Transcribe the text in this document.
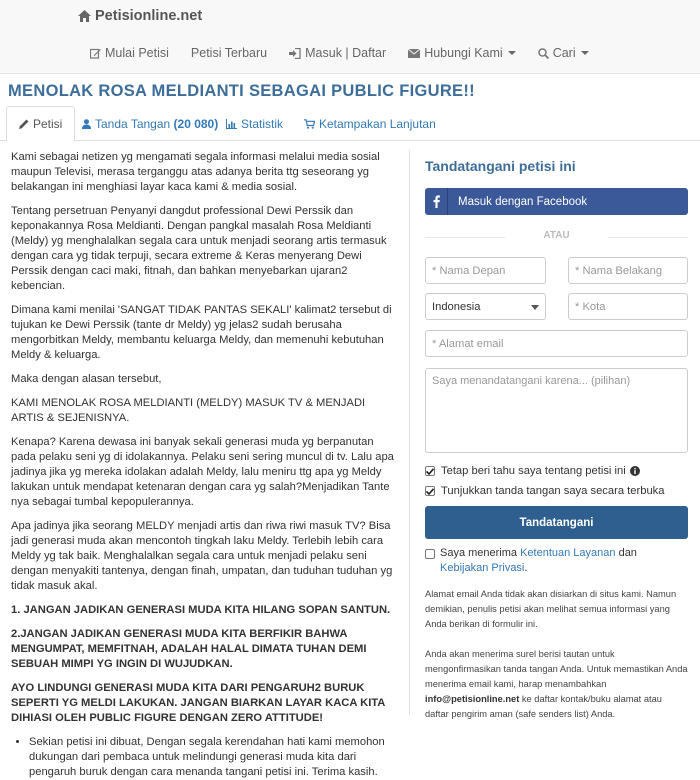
Petisionline.net
Mulai Petisi Petisi Terbaru	Masuk | Daftar	Hubungi Kami	Cari
MENOLAK ROSA MELDIANTI SEBAGAI PUBLIC FIGURE!!
Petisi	Tanda Tangan
(20 080) Statistik	Ketampakan Lanjutan

Kami sebagai netizen yg mengamati segala informasi melalui media sosial maupun Televisi, merasa terganggu atas adanya berita ttg seseorang yg belakangan ini menghiasi layar kaca kami & media sosial.

Tentang persetruan Penyanyi dangdut professional Dewi Perssik dan keponakannya Rosa Meldianti. Dengan pangkal masalah Rosa Meldianti (Meldy) yg menghalalkan segala cara untuk menjadi seorang artis termasuk dengan cara yg tidak terpuji, secara extreme & Keras menyerang Dewi Perssik dengan caci maki, fitnah, dan bahkan menyebarkan ujaran2 kebencian.

Dimana kami menilai 'SANGAT TIDAK PANTAS SEKALI' kalimat2 tersebut di tujukan ke Dewi Perssik (tante dr Meldy) yg jelas2 sudah berusaha mengorbitkan Meldy, membantu keluarga Meldy, dan memenuhi kebutuhan Meldy & keluarga.

Maka dengan alasan tersebut,

KAMI MENOLAK ROSA MELDIANTI (MELDY) MASUK TV & MENJADI ARTIS & SEJENISNYA.

Kenapa? Karena dewasa ini banyak sekali generasi muda yg berpanutan pada pelaku seni yg di idolakannya. Pelaku seni sering muncul di tv. Lalu apa jadinya jika yg mereka idolakan adalah Meldy, lalu meniru ttg apa yg Meldy lakukan untuk mendapat ketenaran dengan cara yg salah?Menjadikan Tante nya sebagai tumbal kepopulerannya.

Apa jadinya jika seorang MELDY menjadi artis dan riwa riwi masuk TV? Bisa jadi generasi muda akan mencontoh tingkah laku Meldy. Terlebih lebih cara Meldy yg tak baik. Menghalalkan segala cara untuk menjadi pelaku seni dengan menyakiti tantenya, dengan finah, umpatan, dan tuduhan tuduhan yg tidak masuk akal.

1. JANGAN JADIKAN GENERASI MUDA KITA HILANG SOPAN SANTUN.

2.JANGAN JADIKAN GENERASI MUDA KITA BERFIKIR BAHWA MENGUMPAT, MEMFITNAH, ADALAH HALAL DIMATA TUHAN DEMI SEBUAH MIMPI YG INGIN DI WUJUDKAN.

AYO LINDUNGI GENERASI MUDA KITA DARI PENGARUH2 BURUK SEPERTI YG MELDI LAKUKAN. JANGAN BIARKAN LAYAR KACA KITA DIHIASI OLEH PUBLIC FIGURE DENGAN ZERO ATTITUDE!

• Sekian petisi ini dibuat, Dengan segala kerendahan hati kami memohon dukungan dari pembaca untuk melindungi generasi muda kita dari pengaruh buruk dengan cara menanda tangani petisi ini. Terima kasih.
Tandatangani petisi ini
Masuk dengan Facebook
ATAU
* Nama Depan	* Nama Belakang
Indonesia	* Kota
* Alamat email
Saya menandatangani karena... (pilihan)
Tetap beri tahu saya tentang petisi ini
Tunjukkan tanda tangan saya secara terbuka
Tandatangani
Saya menerima Ketentuan Layanan dan Kebijakan Privasi.
Alamat email Anda tidak akan disiarkan di situs kami. Namun demikian, penulis petisi akan melihat semua informasi yang Anda berikan di formulir ini.
Anda akan menerima surel berisi tautan untuk mengonfirmasikan tanda tangan Anda. Untuk memastikan Anda menerima email kami, harap menambahkan info@petisionline.net ke daftar kontak/buku alamat atau daftar pengirim aman (safe senders list) Anda.
